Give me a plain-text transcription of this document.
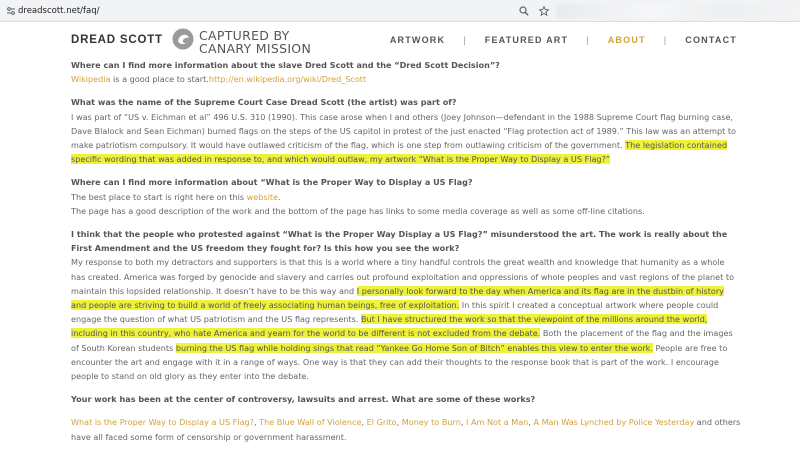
dreadscott.net/faq/
DREAD SCOTT	CAPTURED BY
CANARY MISSION
ARTWORK | FEATURED ART | ABOUT | CONTACT

Where can I find more information about the slave Dred Scott and the “Dred Scott Decision”?

Wikipedia is a good place to start.http://en.wikipedia.org/wiki/Dred_Scott

What was the name of the Supreme Court Case Dread Scott (the artist) was part of?

I was part of “US v. Eichman et al” 496 U.S. 310 (1990). This case arose when I and others (Joey Johnson—defendant in the 1988 Supreme Court flag burning case, Dave Blalock and Sean Eichman) burned flags on the steps of the US capitol in protest of the just enacted “Flag protection act of 1989.” This law was an attempt to make patriotism compulsory. It would have outlawed criticism of the flag, which is one step from outlawing criticism of the government. The legislation contained specific wording that was added in response to, and which would outlaw, my artwork “What is the Proper Way to Display a US Flag?”

Where can I find more information about “What is the Proper Way to Display a US Flag?

The best place to start is right here on this website.

The page has a good description of the work and the bottom of the page has links to some media coverage as well as some off-line citations.

I think that the people who protested against “What is the Proper Way Display a US Flag?” misunderstood the art. The work is really about the First Amendment and the US freedom they fought for? Is this how you see the work?

My response to both my detractors and supporters is that this is a world where a tiny handful controls the great wealth and knowledge that humanity as a whole has created. America was forged by genocide and slavery and carries out profound exploitation and oppressions of whole peoples and vast regions of the planet to maintain this lopsided relationship. It doesn’t have to be this way and I personally look forward to the day when America and its flag are in the dustbin of history and people are striving to build a world of freely associating human beings, free of exploitation. In this spirit I created a conceptual artwork where people could engage the question of what US patriotism and the US flag represents. But I have structured the work so that the viewpoint of the millions around the world, including in this country, who hate America and yearn for the world to be different is not excluded from the debate. Both the placement of the flag and the images of South Korean students burning the US flag while holding sings that read “Yankee Go Home Son of Bitch” enables this view to enter the work. People are free to encounter the art and engage with it in a range of ways. One way is that they can add their thoughts to the response book that is part of the work. I encourage people to stand on old glory as they enter into the debate.

Your work has been at the center of controversy, lawsuits and arrest. What are some of these works?

What is the Proper Way to Display a US Flag?, The Blue Wall of Violence, El Grito, Money to Burn, I Am Not a Man, A Man Was Lynched by Police Yesterday and others have all faced some form of censorship or government harassment.
